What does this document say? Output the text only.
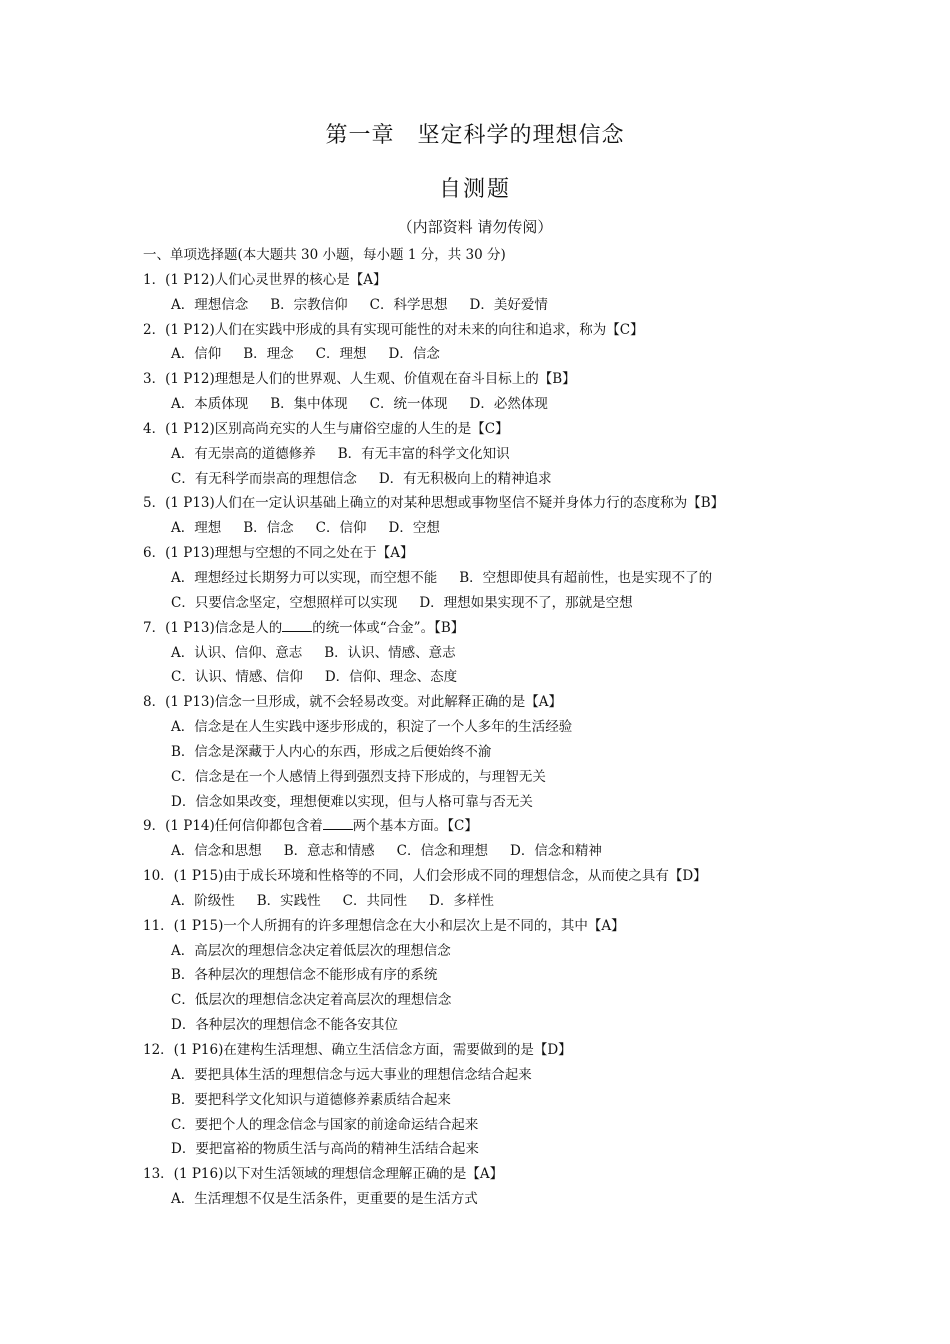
第一章　坚定科学的理想信念
自测题
（内部资料 请勿传阅）
一、单项选择题(本大题共 30 小题，每小题 1 分，共 30 分)
1．(1 P12)人们心灵世界的核心是【A】
A．理想信念 B．宗教信仰 C．科学思想 D．美好爱情
2．(1 P12)人们在实践中形成的具有实现可能性的对未来的向往和追求，称为【C】
A．信仰 B．理念 C．理想 D．信念
3．(1 P12)理想是人们的世界观、人生观、价值观在奋斗目标上的【B】
A．本质体现 B．集中体现 C．统一体现 D．必然体现
4．(1 P12)区别高尚充实的人生与庸俗空虚的人生的是【C】
A．有无崇高的道德修养 B．有无丰富的科学文化知识
C．有无科学而崇高的理想信念 D．有无积极向上的精神追求
5．(1 P13)人们在一定认识基础上确立的对某种思想或事物坚信不疑并身体力行的态度称为【B】
A．理想 B．信念 C．信仰 D．空想
6．(1 P13)理想与空想的不同之处在于【A】
A．理想经过长期努力可以实现，而空想不能 B．空想即使具有超前性，也是实现不了的
C．只要信念坚定，空想照样可以实现 D．理想如果实现不了，那就是空想
7．(1 P13)信念是人的 的统一体或“合金”。【B】
A．认识、信仰、意志 B．认识、情感、意志
C．认识、情感、信仰 D．信仰、理念、态度
8．(1 P13)信念一旦形成，就不会轻易改变。对此解释正确的是【A】
A．信念是在人生实践中逐步形成的，积淀了一个人多年的生活经验
B．信念是深藏于人内心的东西，形成之后便始终不渝
C．信念是在一个人感情上得到强烈支持下形成的，与理智无关
D．信念如果改变，理想便难以实现，但与人格可靠与否无关
9．(1 P14)任何信仰都包含着 两个基本方面。【C】
A．信念和思想 B．意志和情感 C．信念和理想 D．信念和精神
10．(1 P15)由于成长环境和性格等的不同，人们会形成不同的理想信念，从而使之具有【D】
A．阶级性 B．实践性 C．共同性 D．多样性
11．(1 P15)一个人所拥有的许多理想信念在大小和层次上是不同的，其中【A】
A．高层次的理想信念决定着低层次的理想信念
B．各种层次的理想信念不能形成有序的系统
C．低层次的理想信念决定着高层次的理想信念
D．各种层次的理想信念不能各安其位
12．(1 P16)在建构生活理想、确立生活信念方面，需要做到的是【D】
A．要把具体生活的理想信念与远大事业的理想信念结合起来
B．要把科学文化知识与道德修养素质结合起来
C．要把个人的理念信念与国家的前途命运结合起来
D．要把富裕的物质生活与高尚的精神生活结合起来
13．(1 P16)以下对生活领域的理想信念理解正确的是【A】
A．生活理想不仅是生活条件，更重要的是生活方式
